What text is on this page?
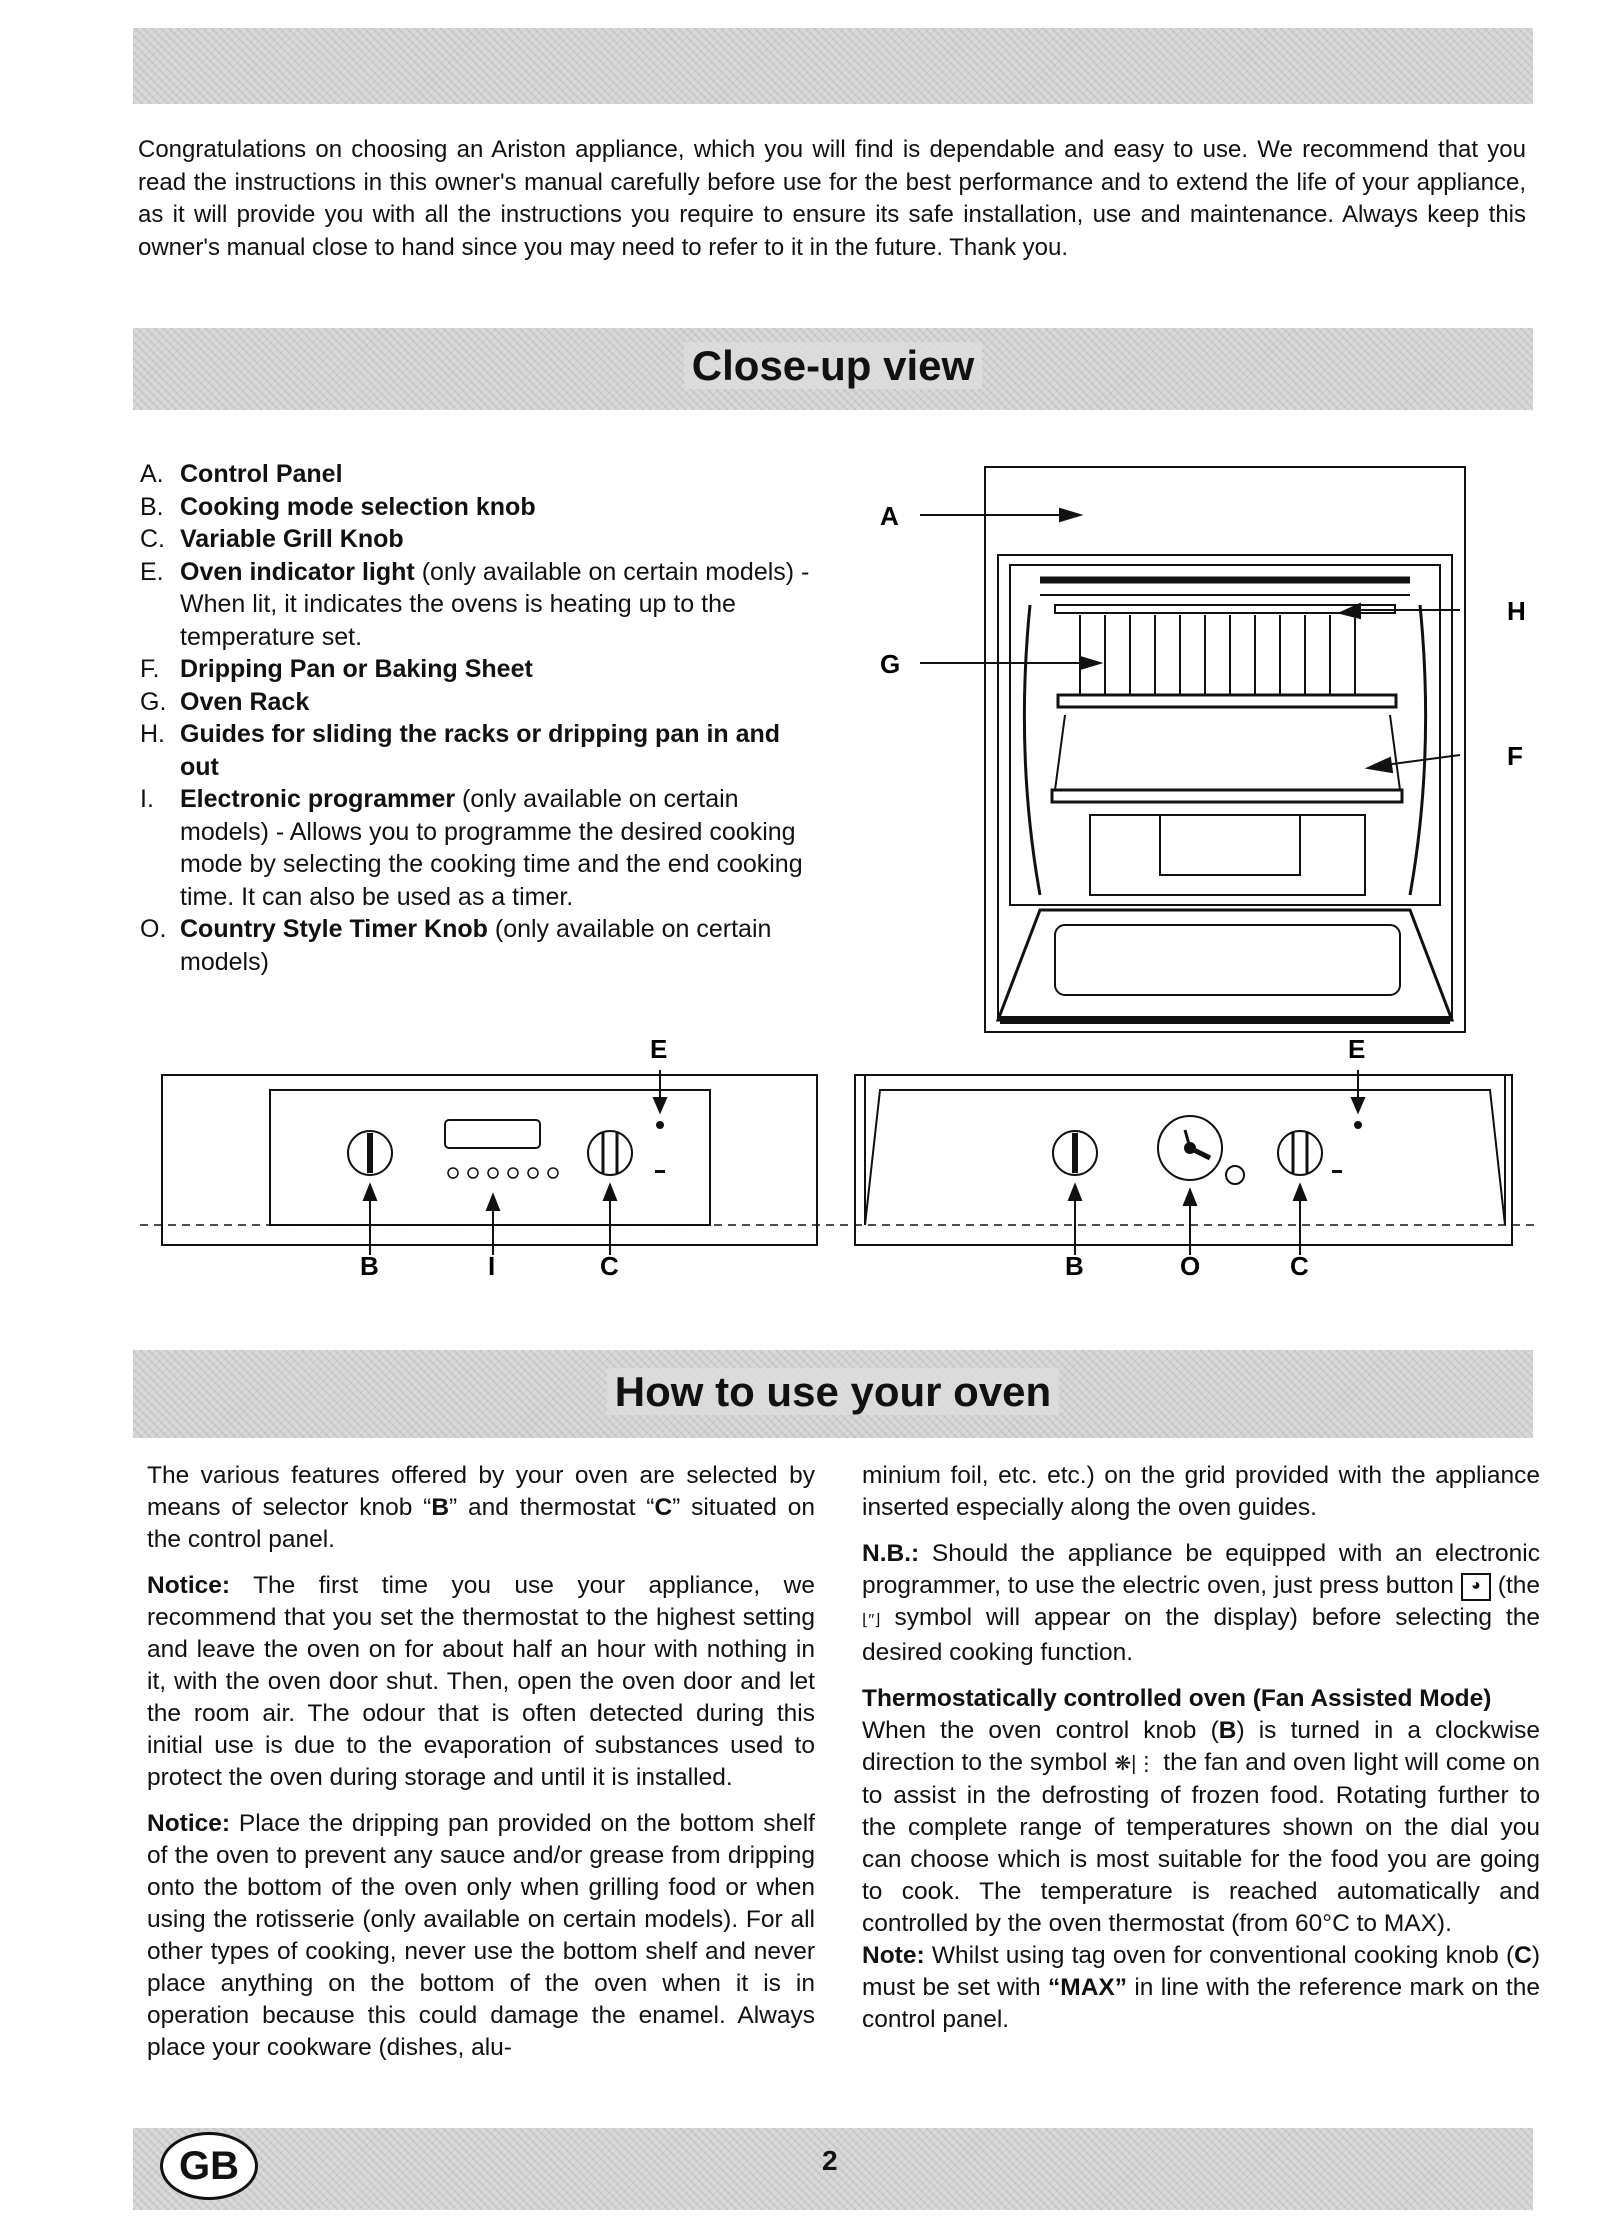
Congratulations on choosing an Ariston appliance, which you will find is dependable and easy to use. We recommend that you read the instructions in this owner's manual carefully before use for the best performance and to extend the life of your appliance, as it will provide you with all the instructions you require to ensure its safe installation, use and maintenance. Always keep this owner's manual close to hand since you may need to refer to it in the future. Thank you.
Close-up view
A. Control Panel
B. Cooking mode selection knob
C. Variable Grill Knob
E. Oven indicator light (only available on certain models) - When lit, it indicates the ovens is heating up to the temperature set.
F. Dripping Pan or Baking Sheet
G. Oven Rack
H. Guides for sliding the racks or dripping pan in and out
I. Electronic programmer (only available on certain models) - Allows you to programme the desired cooking mode by selecting the cooking time and the end cooking time. It can also be used as a timer.
O. Country Style Timer Knob (only available on certain models)
A
G
H
F
E	E
B	I	C	B	O	C
How to use your oven

The various features offered by your oven are selected by means of selector knob “B” and thermostat “C” situated on the control panel.

Notice: The first time you use your appliance, we recommend that you set the thermostat to the highest setting and leave the oven on for about half an hour with nothing in it, with the oven door shut. Then, open the oven door and let the room air. The odour that is often detected during this initial use is due to the evaporation of substances used to protect the oven during storage and until it is installed.

Notice: Place the dripping pan provided on the bottom shelf of the oven to prevent any sauce and/or grease from dripping onto the bottom of the oven only when grilling food or when using the rotisserie (only available on certain models). For all other types of cooking, never use the bottom shelf and never place anything on the bottom of the oven when it is in operation because this could damage the enamel. Always place your cookware (dishes, alu-

minium foil, etc. etc.) on the grid provided with the appliance inserted especially along the oven guides.

N.B.: Should the appliance be equipped with an electronic programmer, to use the electric oven, just press button ◕ (the ⌊′′⌋ symbol will appear on the display) before selecting the desired cooking function.

Thermostatically controlled oven (Fan Assisted Mode)

When the oven control knob (B) is turned in a clockwise direction to the symbol ❋|⋮ the fan and oven light will come on to assist in the defrosting of frozen food. Rotating further to the complete range of temperatures shown on the dial you can choose which is most suitable for the food you are going to cook. The temperature is reached automatically and controlled by the oven thermostat (from 60°C to MAX).

Note: Whilst using tag oven for conventional cooking knob (C) must be set with “MAX” in line with the reference mark on the control panel.

GB	2
